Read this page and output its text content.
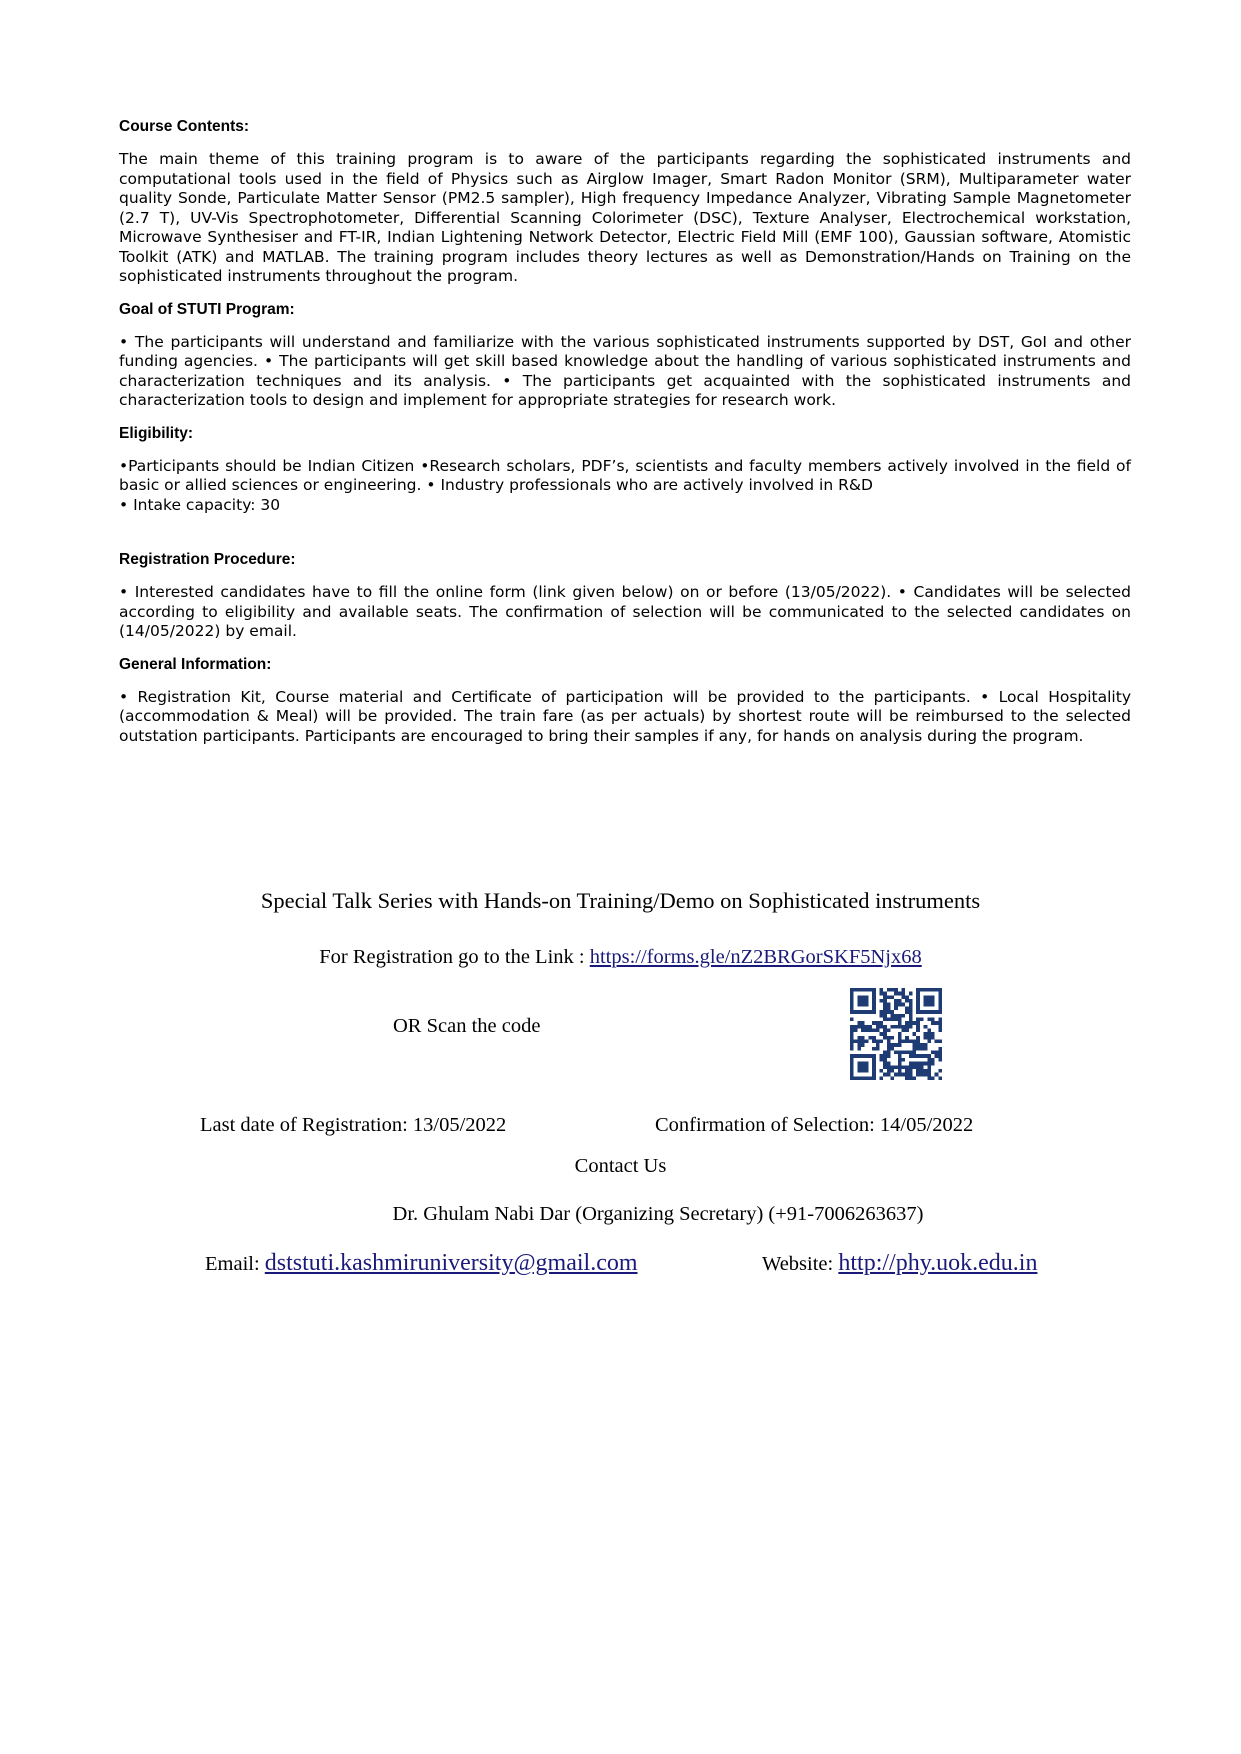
Course Contents:

The main theme of this training program is to aware of the participants regarding the sophisticated instruments and computational tools used in the field of Physics such as Airglow Imager, Smart Radon Monitor (SRM), Multiparameter water quality Sonde, Particulate Matter Sensor (PM2.5 sampler), High frequency Impedance Analyzer, Vibrating Sample Magnetometer (2.7 T), UV-Vis Spectrophotometer, Differential Scanning Colorimeter (DSC), Texture Analyser, Electrochemical workstation, Microwave Synthesiser and FT-IR, Indian Lightening Network Detector, Electric Field Mill (EMF 100), Gaussian software, Atomistic Toolkit (ATK) and MATLAB. The training program includes theory lectures as well as Demonstration/Hands on Training on the sophisticated instruments throughout the program.

Goal of STUTI Program:

• The participants will understand and familiarize with the various sophisticated instruments supported by DST, GoI and other funding agencies. • The participants will get skill based knowledge about the handling of various sophisticated instruments and characterization techniques and its analysis. • The participants get acquainted with the sophisticated instruments and characterization tools to design and implement for appropriate strategies for research work.

Eligibility:

•Participants should be Indian Citizen •Research scholars, PDF’s, scientists and faculty members actively involved in the field of basic or allied sciences or engineering. • Industry professionals who are actively involved in R&D
• Intake capacity: 30

Registration Procedure:

• Interested candidates have to fill the online form (link given below) on or before (13/05/2022). • Candidates will be selected according to eligibility and available seats. The confirmation of selection will be communicated to the selected candidates on (14/05/2022) by email.

General Information:

• Registration Kit, Course material and Certificate of participation will be provided to the participants. • Local Hospitality (accommodation & Meal) will be provided. The train fare (as per actuals) by shortest route will be reimbursed to the selected outstation participants. Participants are encouraged to bring their samples if any, for hands on analysis during the program.

Special Talk Series with Hands-on Training/Demo on Sophisticated instruments
For Registration go to the Link : https://forms.gle/nZ2BRGorSKF5Njx68
OR Scan the code
Last date of Registration: 13/05/2022	Confirmation of Selection: 14/05/2022
Contact Us
Dr. Ghulam Nabi Dar (Organizing Secretary) (+91-7006263637)
Email: dststuti.kashmiruniversity@gmail.com	Website: http://phy.uok.edu.in
